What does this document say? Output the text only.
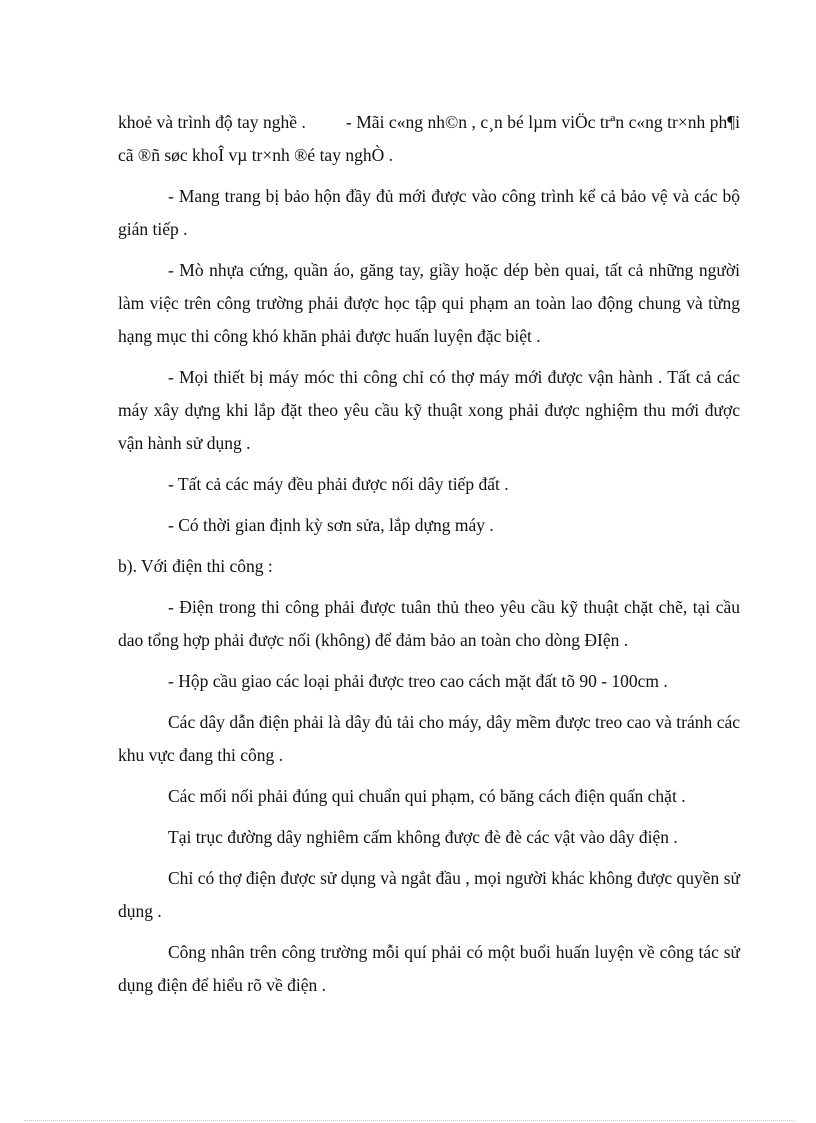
khoẻ và trình độ tay nghề . - Mãi c«ng nh©n , c¸n bé lµm viÖc trªn c«ng tr×nh ph¶i cã ®ñ søc khoÎ vµ tr×nh ®é tay nghÒ .

- Mang trang bị bảo hộn đầy đủ mới được vào công trình kể cả bảo vệ và các bộ gián tiếp .

- Mò nhựa cứng, quần áo, găng tay, giầy hoặc dép bèn quai, tất cả những người làm việc trên công trường phải được học tập qui phạm an toàn lao động chung và từng hạng mục thi công khó khăn phải được huấn luyện đặc biệt .

- Mọi thiết bị máy móc thi công chỉ có thợ máy mới được vận hành . Tất cả các máy xây dựng khi lắp đặt theo yêu cầu kỹ thuật xong phải được nghiệm thu mới được vận hành sử dụng .

- Tất cả các máy đều phải được nối dây tiếp đất .

- Có thời gian định kỳ sơn sửa, lắp dựng máy .

b). Với điện thi công :

- Điện trong thi công phải được tuân thủ theo yêu cầu kỹ thuật chặt chẽ, tại cầu dao tổng hợp phải được nối (không) để đảm bảo an toàn cho dòng ĐIện .

- Hộp cầu giao các loại phải được treo cao cách mặt đất tõ 90 - 100cm .

Các dây dẫn điện phải là dây đủ tải cho máy, dây mềm được treo cao và tránh các khu vực đang thi công .

Các mối nối phải đúng qui chuẩn qui phạm, có băng cách điện quấn chặt .

Tại trục đường dây nghiêm cấm không được đè đè các vật vào dây điện .

Chỉ có thợ điện được sử dụng và ngắt đầu , mọi người khác không được quyền sử dụng .

Công nhân trên công trường mỗi quí phải có một buổi huấn luyện về công tác sử dụng điện để hiểu rõ về điện .
